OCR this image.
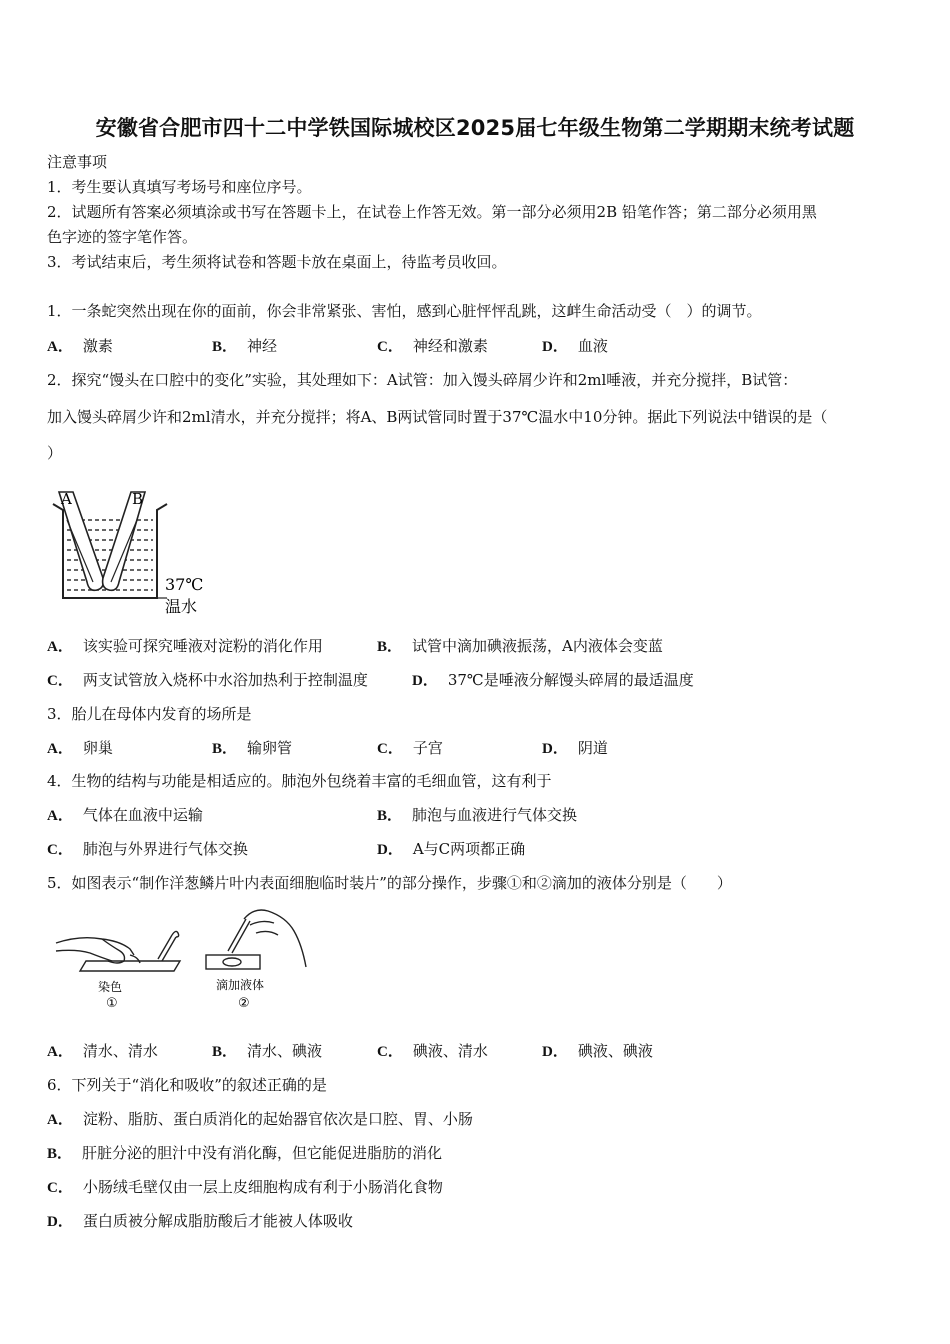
安徽省合肥市四十二中学铁国际城校区2025届七年级生物第二学期期末统考试题
注意事项
1．考生要认真填写考场号和座位序号。
2．试题所有答案必须填涂或书写在答题卡上，在试卷上作答无效。第一部分必须用2B 铅笔作答；第二部分必须用黑
色字迹的签字笔作答。
3．考试结束后，考生须将试卷和答题卡放在桌面上，待监考员收回。
1．一条蛇突然出现在你的面前，你会非常紧张、害怕，感到心脏怦怦乱跳，这衅生命活动受（　）的调节。
A． 激素	B． 神经	C． 神经和激素	D． 血液
2．探究“馒头在口腔中的变化”实验，其处理如下：A试管：加入馒头碎屑少许和2ml唾液，并充分搅拌，B试管：
加入馒头碎屑少许和2ml清水，并充分搅拌；将A、B两试管同时置于37℃温水中10分钟。据此下列说法中错误的是（
）
A	B
37℃
温水
A． 该实验可探究唾液对淀粉的消化作用	B． 试管中滴加碘液振荡，A内液体会变蓝
C． 两支试管放入烧杯中水浴加热利于控制温度	D． 37℃是唾液分解馒头碎屑的最适温度
3．胎儿在母体内发育的场所是
A． 卵巢	B． 输卵管	C． 子宫	D． 阴道
4．生物的结构与功能是相适应的。肺泡外包绕着丰富的毛细血管，这有利于
A． 气体在血液中运输	B． 肺泡与血液进行气体交换
C． 肺泡与外界进行气体交换	D． A与C两项都正确
5．如图表示“制作洋葱鳞片叶内表面细胞临时装片”的部分操作，步骤①和②滴加的液体分别是（　　）
染色
①
滴加液体
②
A． 清水、清水	B． 清水、碘液	C． 碘液、清水	D． 碘液、碘液
6．下列关于“消化和吸收”的叙述正确的是
A． 淀粉、脂肪、蛋白质消化的起始器官依次是口腔、胃、小肠
B． 肝脏分泌的胆汁中没有消化酶，但它能促进脂肪的消化
C． 小肠绒毛壁仅由一层上皮细胞构成有利于小肠消化食物
D． 蛋白质被分解成脂肪酸后才能被人体吸收
